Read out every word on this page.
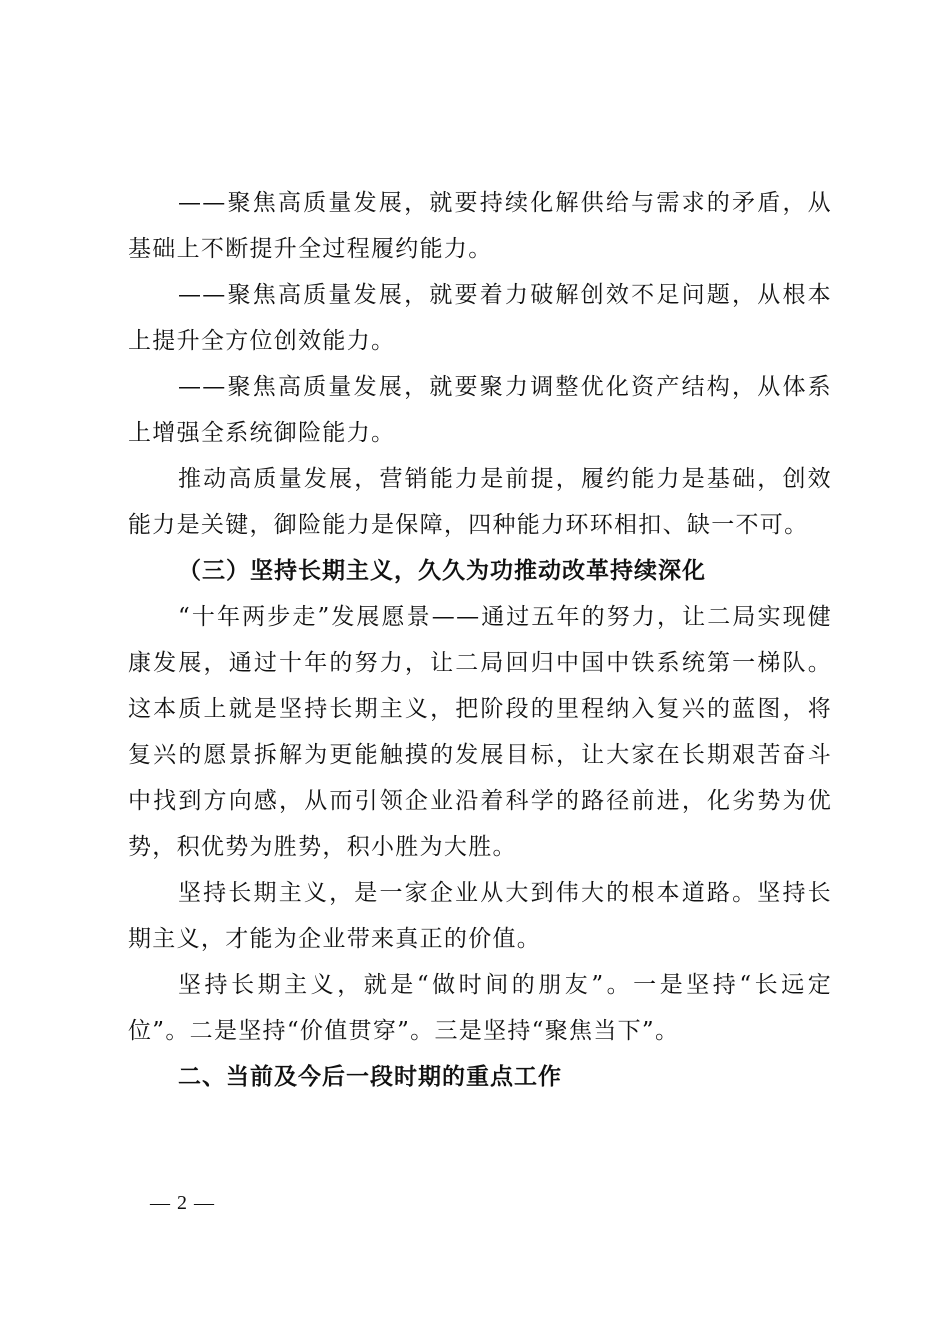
——聚焦高质量发展，就要持续化解供给与需求的矛盾，从基础上不断提升全过程履约能力。

——聚焦高质量发展，就要着力破解创效不足问题，从根本上提升全方位创效能力。

——聚焦高质量发展，就要聚力调整优化资产结构，从体系上增强全系统御险能力。

推动高质量发展，营销能力是前提，履约能力是基础，创效能力是关键，御险能力是保障，四种能力环环相扣、缺一不可。

（三）坚持长期主义，久久为功推动改革持续深化

“十年两步走”发展愿景——通过五年的努力，让二局实现健康发展，通过十年的努力，让二局回归中国中铁系统第一梯队。这本质上就是坚持长期主义，把阶段的里程纳入复兴的蓝图，将复兴的愿景拆解为更能触摸的发展目标，让大家在长期艰苦奋斗中找到方向感，从而引领企业沿着科学的路径前进，化劣势为优势，积优势为胜势，积小胜为大胜。

坚持长期主义，是一家企业从大到伟大的根本道路。坚持长期主义，才能为企业带来真正的价值。

坚持长期主义，就是“做时间的朋友”。一是坚持“长远定位”。二是坚持“价值贯穿”。三是坚持“聚焦当下”。

二、当前及今后一段时期的重点工作

— 2 —
